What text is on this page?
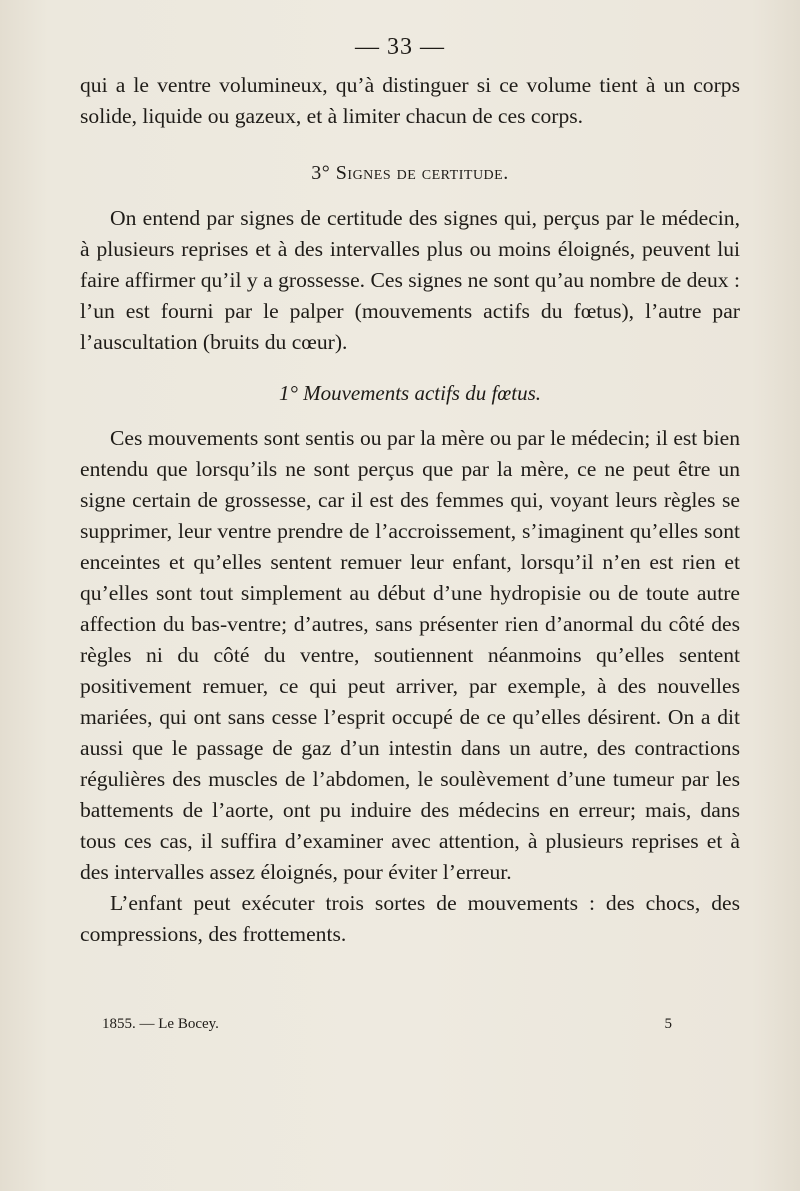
— 33 —

qui a le ventre volumineux, qu’à distinguer si ce volume tient à un corps solide, liquide ou gazeux, et à limiter chacun de ces corps.

3° Signes de certitude.

On entend par signes de certitude des signes qui, perçus par le médecin, à plusieurs reprises et à des intervalles plus ou moins éloignés, peuvent lui faire affirmer qu’il y a grossesse. Ces signes ne sont qu’au nombre de deux : l’un est fourni par le palper (mouvements actifs du fœtus), l’autre par l’auscultation (bruits du cœur).

1° Mouvements actifs du fœtus.

Ces mouvements sont sentis ou par la mère ou par le médecin; il est bien entendu que lorsqu’ils ne sont perçus que par la mère, ce ne peut être un signe certain de grossesse, car il est des femmes qui, voyant leurs règles se supprimer, leur ventre prendre de l’accroissement, s’imaginent qu’elles sont enceintes et qu’elles sentent remuer leur enfant, lorsqu’il n’en est rien et qu’elles sont tout simplement au début d’une hydropisie ou de toute autre affection du bas-ventre; d’autres, sans présenter rien d’anormal du côté des règles ni du côté du ventre, soutiennent néanmoins qu’elles sentent positivement remuer, ce qui peut arriver, par exemple, à des nouvelles mariées, qui ont sans cesse l’esprit occupé de ce qu’elles désirent. On a dit aussi que le passage de gaz d’un intestin dans un autre, des contractions régulières des muscles de l’abdomen, le soulèvement d’une tumeur par les battements de l’aorte, ont pu induire des médecins en erreur; mais, dans tous ces cas, il suffira d’examiner avec attention, à plusieurs reprises et à des intervalles assez éloignés, pour éviter l’erreur.

L’enfant peut exécuter trois sortes de mouvements : des chocs, des compressions, des frottements.

1855. — Le Bocey.	5
